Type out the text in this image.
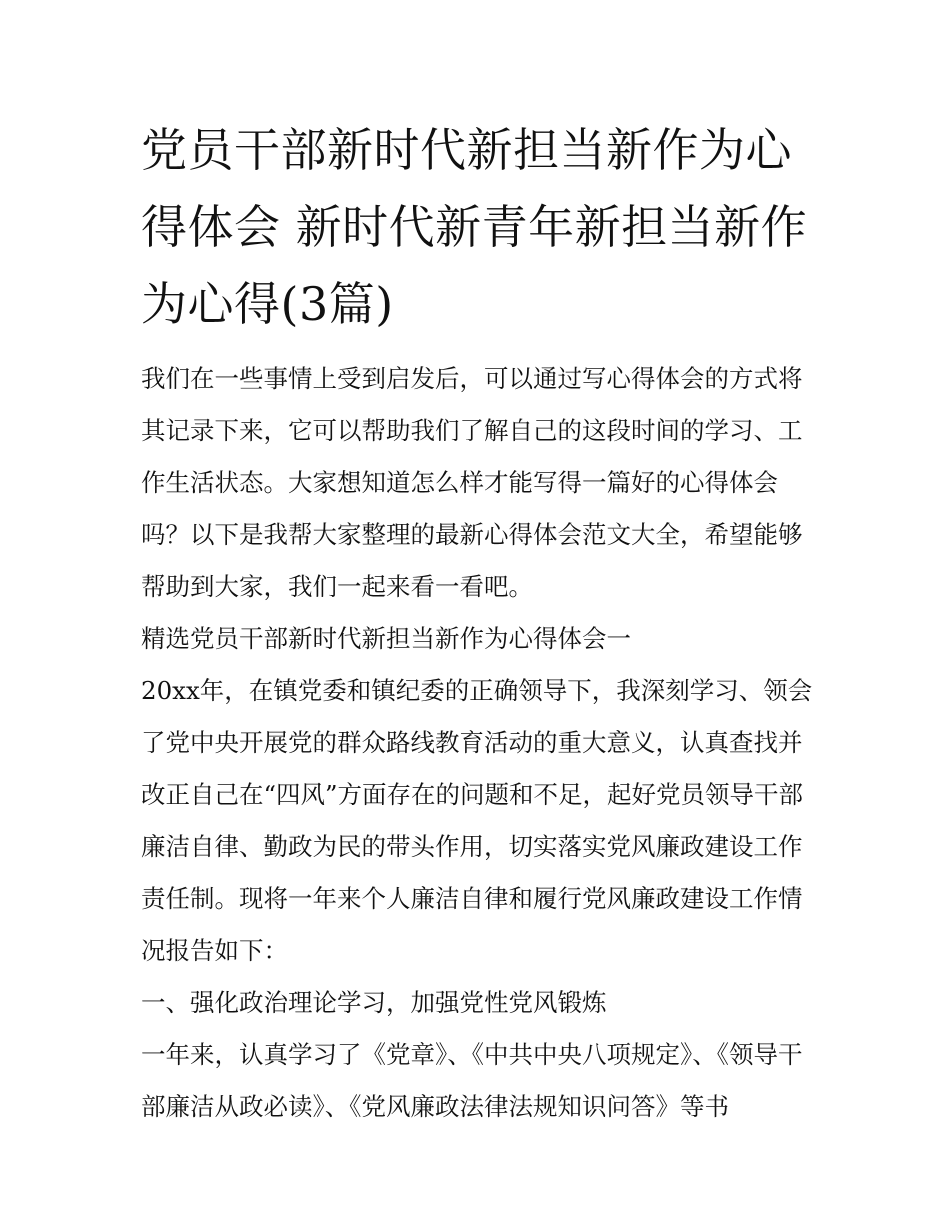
党员干部新时代新担当新作为心得体会 新时代新青年新担当新作为心得(3篇)

我们在一些事情上受到启发后，可以通过写心得体会的方式将其记录下来，它可以帮助我们了解自己的这段时间的学习、工作生活状态。大家想知道怎么样才能写得一篇好的心得体会吗？以下是我帮大家整理的最新心得体会范文大全，希望能够帮助到大家，我们一起来看一看吧。

精选党员干部新时代新担当新作为心得体会一

20xx年，在镇党委和镇纪委的正确领导下，我深刻学习、领会了党中央开展党的群众路线教育活动的重大意义，认真查找并改正自己在“四风”方面存在的问题和不足，起好党员领导干部廉洁自律、勤政为民的带头作用，切实落实党风廉政建设工作责任制。现将一年来个人廉洁自律和履行党风廉政建设工作情况报告如下：

一、强化政治理论学习，加强党性党风锻炼

一年来，认真学习了《党章》、《中共中央八项规定》、《领导干部廉洁从政必读》、《党风廉政法律法规知识问答》等书
